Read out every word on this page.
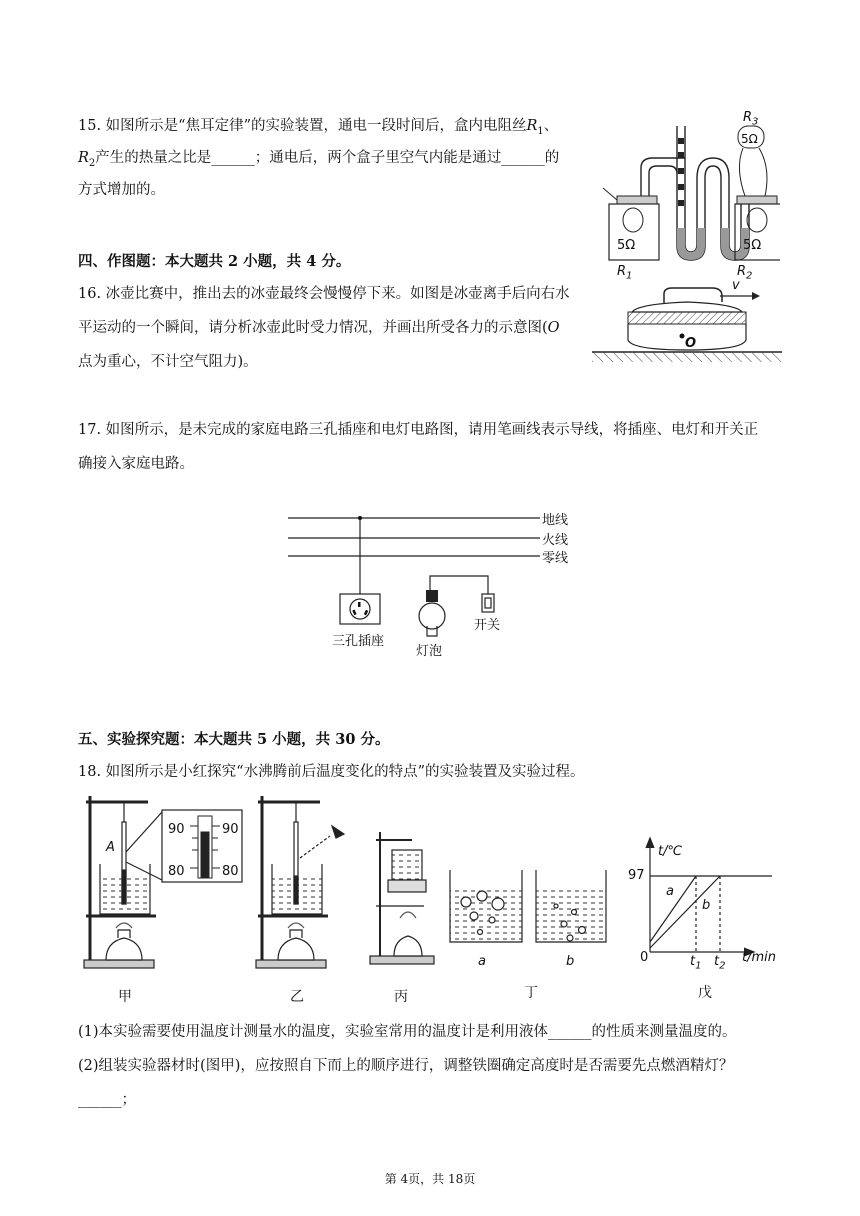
15. 如图所示是“焦耳定律”的实验装置，通电一段时间后，盒内电阻丝$R_1$、
$R_2$产生的热量之比是______；通电后，两个盒子里空气内能是通过______的
方式增加的。
$R_3$
5Ω
5Ω	5Ω
$R_1$	$R_2$
四、作图题：本大题共 2 小题，共 4 分。
16. 冰壶比赛中，推出去的冰壶最终会慢慢停下来。如图是冰壶离手后向右水
平运动的一个瞬间，请分析冰壶此时受力情况，并画出所受各力的示意图(O
点为重心，不计空气阻力)。
v
O
17. 如图所示，是未完成的家庭电路三孔插座和电灯电路图，请用笔画线表示导线，将插座、电灯和开关正
确接入家庭电路。
地线
火线
零线
三孔插座
灯泡
开关
五、实验探究题：本大题共 5 小题，共 30 分。
18. 如图所示是小红探究“水沸腾前后温度变化的特点”的实验装置及实验过程。
A
90	90
80	80
甲	乙	丙	丁	戊
a	b
t/℃
t/min
97
0
a
b
$t_1$ $t_2$
(1)本实验需要使用温度计测量水的温度，实验室常用的温度计是利用液体______的性质来测量温度的。
(2)组装实验器材时(图甲)，应按照自下而上的顺序进行，调整铁圈确定高度时是否需要先点燃酒精灯？
______；
第 4页，共 18页
